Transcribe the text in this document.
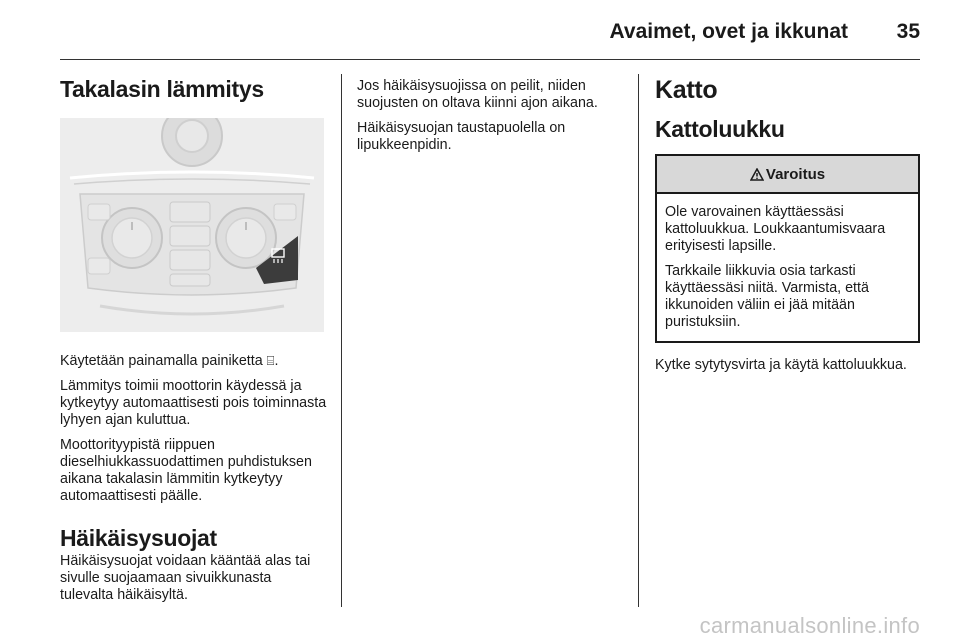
Avaimet, ovet ja ikkunat 35
Takalasin lämmitys

Käytetään painamalla painiketta ⌸.

Lämmitys toimii moottorin käydessä ja kytkeytyy automaattisesti pois toiminnasta lyhyen ajan kuluttua.

Moottorityypistä riippuen dieselhiukkassuodattimen puhdistuksen aikana takalasin lämmitin kytkeytyy automaattisesti päälle.

Häikäisysuojat

Häikäisysuojat voidaan kääntää alas tai sivulle suojaamaan sivuikkunasta tulevalta häikäisyltä.

Jos häikäisysuojissa on peilit, niiden suojusten on oltava kiinni ajon aikana.

Häikäisysuojan taustapuolella on lipukkeenpidin.

Katto
Kattoluukku
Varoitus

Ole varovainen käyttäessäsi kattoluukkua. Loukkaantumisvaara erityisesti lapsille.

Tarkkaile liikkuvia osia tarkasti käyttäessäsi niitä. Varmista, että ikkunoiden väliin ei jää mitään puristuksiin.

Kytke sytytysvirta ja käytä kattoluukkua.

carmanualsonline.info
